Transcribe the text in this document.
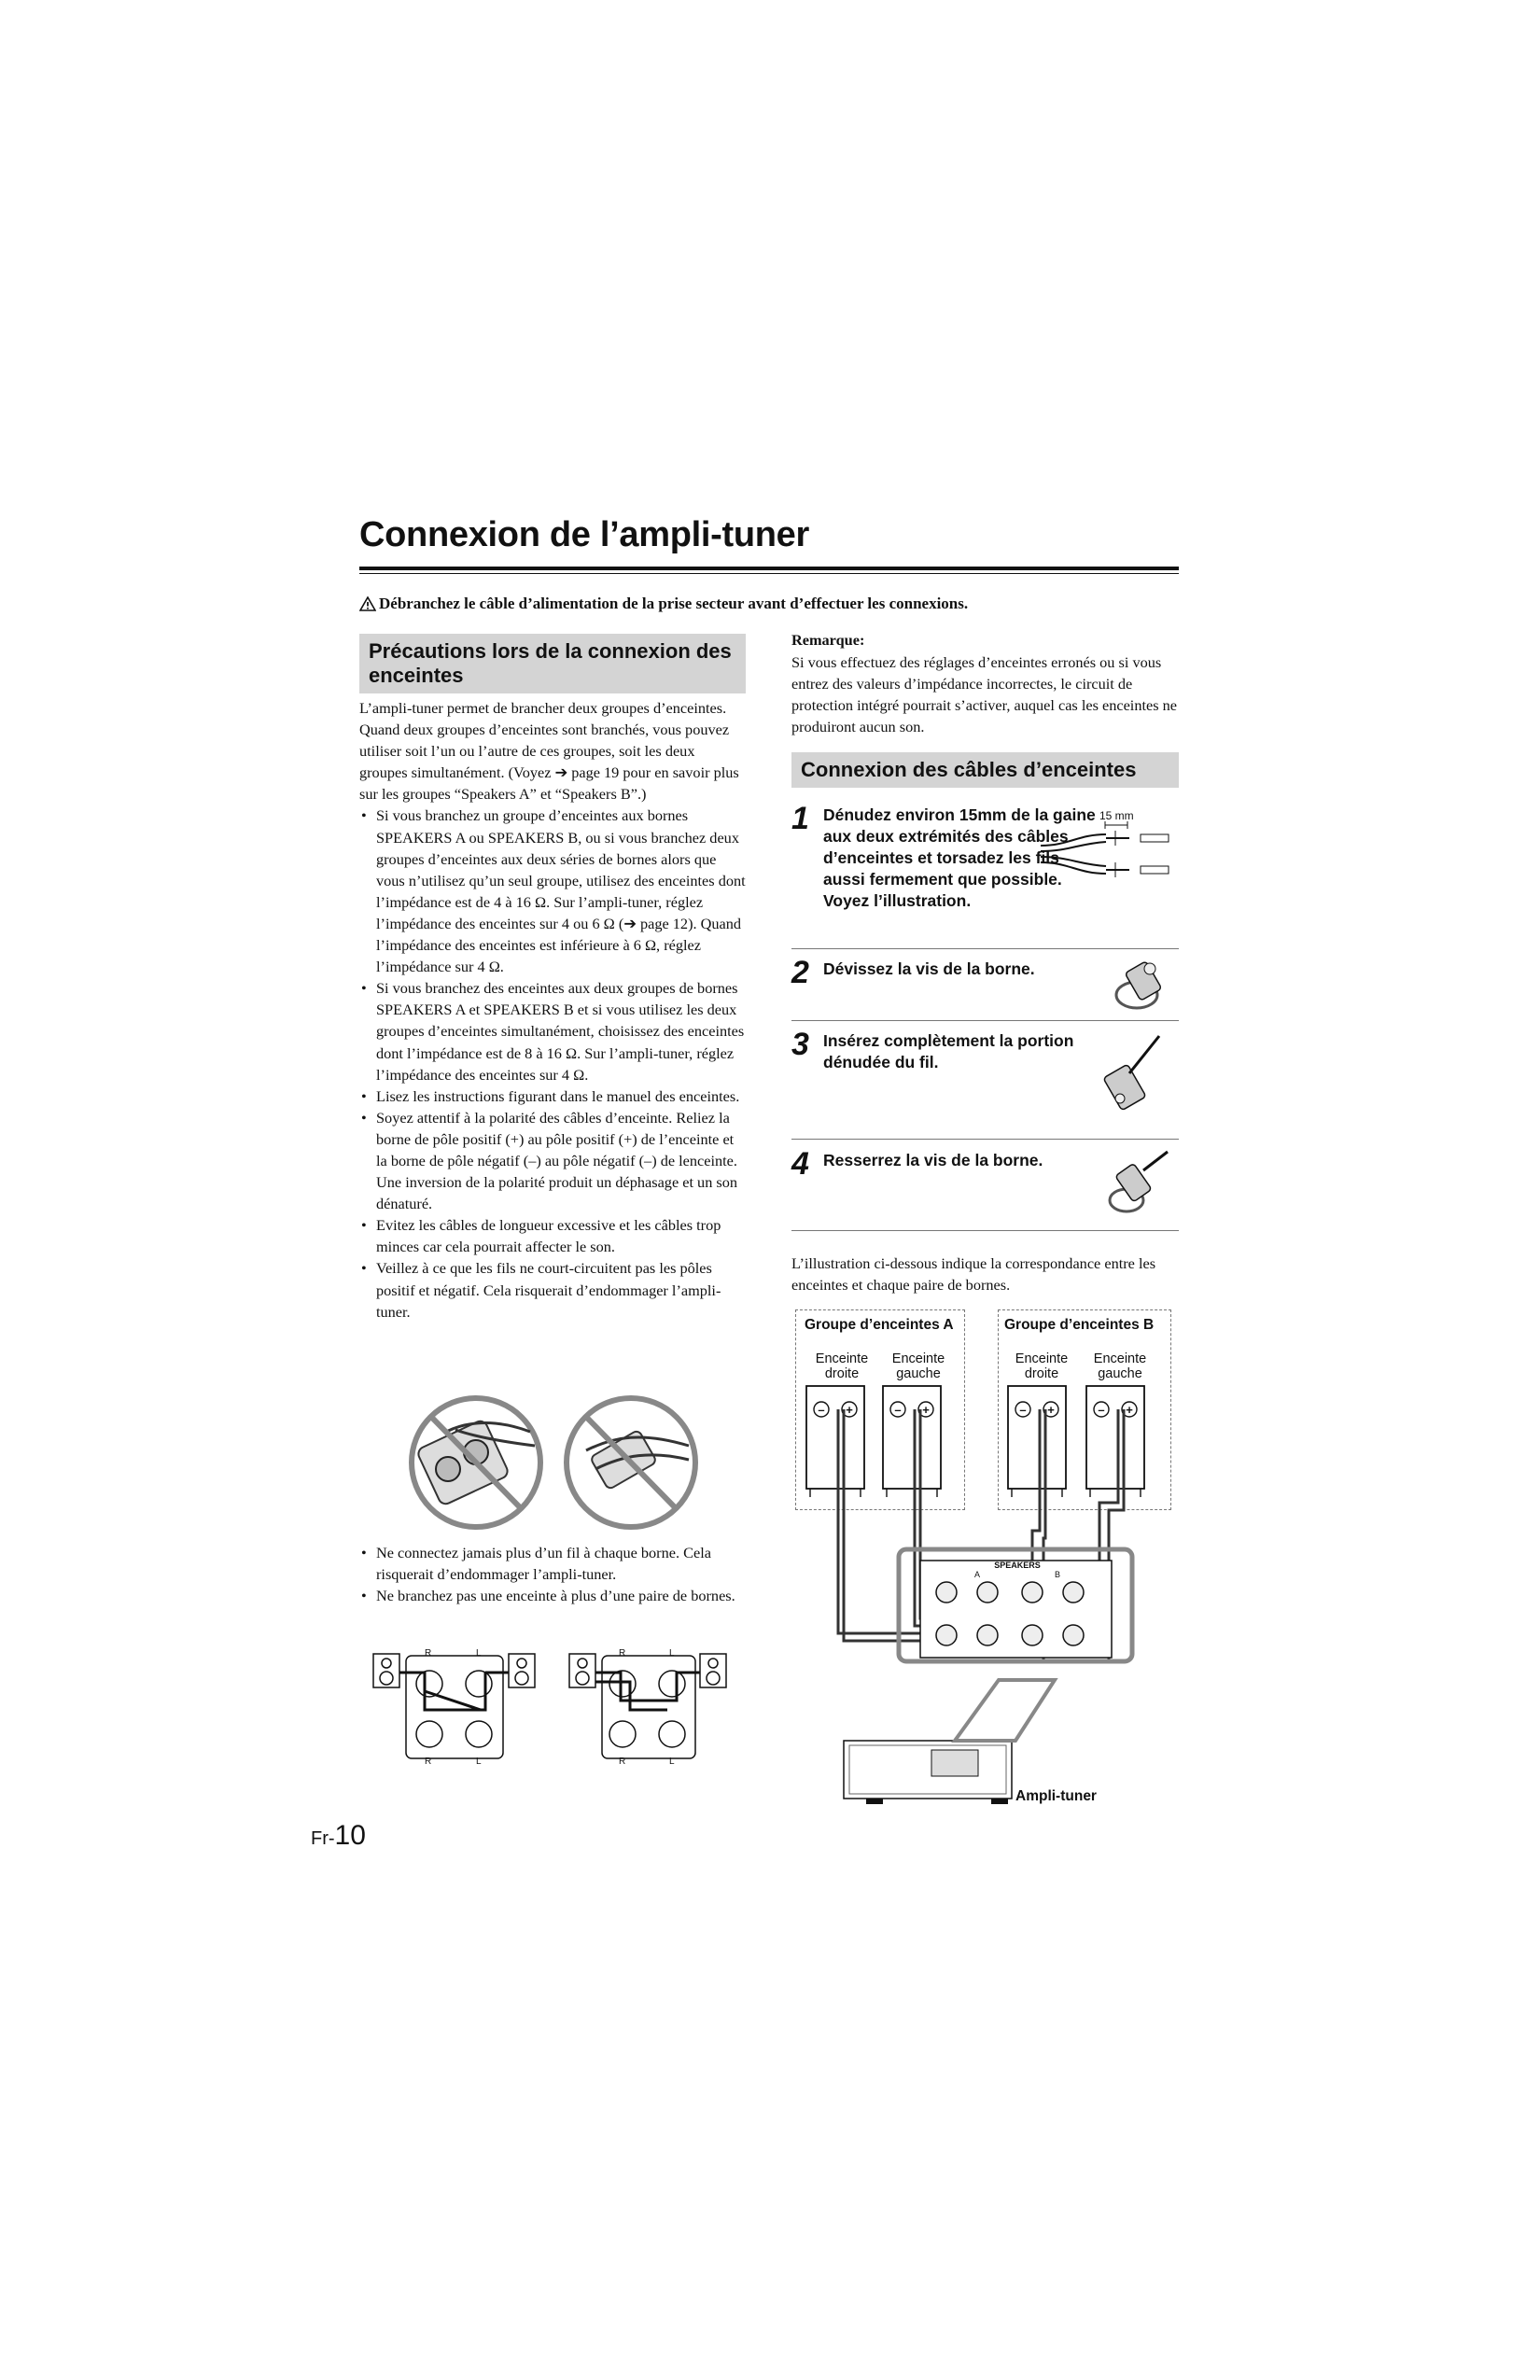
Connexion de l’ampli-tuner
Débranchez le câble d’alimentation de la prise secteur avant d’effectuer les connexions.
Précautions lors de la connexion des enceintes

L’ampli-tuner permet de brancher deux groupes d’enceintes. Quand deux groupes d’enceintes sont branchés, vous pouvez utiliser soit l’un ou l’autre de ces groupes, soit les deux groupes simultanément. (Voyez ➔ page 19 pour en savoir plus sur les groupes “Speakers A” et “Speakers B”.)

• Si vous branchez un groupe d’enceintes aux bornes SPEAKERS A ou SPEAKERS B, ou si vous branchez deux groupes d’enceintes aux deux séries de bornes alors que vous n’utilisez qu’un seul groupe, utilisez des enceintes dont l’impédance est de 4 à 16 Ω. Sur l’ampli-tuner, réglez l’impédance des enceintes sur 4 ou 6 Ω (➔ page 12). Quand l’impédance des enceintes est inférieure à 6 Ω, réglez l’impédance sur 4 Ω.
• Si vous branchez des enceintes aux deux groupes de bornes SPEAKERS A et SPEAKERS B et si vous utilisez les deux groupes d’enceintes simultanément, choisissez des enceintes dont l’impédance est de 8 à 16 Ω. Sur l’ampli-tuner, réglez l’impédance des enceintes sur 4 Ω.
• Lisez les instructions figurant dans le manuel des enceintes.
• Soyez attentif à la polarité des câbles d’enceinte. Reliez la borne de pôle positif (+) au pôle positif (+) de l’enceinte et la borne de pôle négatif (–) au pôle négatif (–) de lenceinte. Une inversion de la polarité produit un déphasage et un son dénaturé.
• Evitez les câbles de longueur excessive et les câbles trop minces car cela pourrait affecter le son.
• Veillez à ce que les fils ne court-circuitent pas les pôles positif et négatif. Cela risquerait d’endommager l’ampli-tuner.
• Ne connectez jamais plus d’un fil à chaque borne. Cela risquerait d’endommager l’ampli-tuner.
• Ne branchez pas une enceinte à plus d’une paire de bornes.
R	L
R	L
R	L
R	L
Remarque:
Si vous effectuez des réglages d’enceintes erronés ou si vous entrez des valeurs d’impédance incorrectes, le circuit de protection intégré pourrait s’activer, auquel cas les enceintes ne produiront aucun son.
Connexion des câbles d’enceintes
1 Dénudez environ 15mm de la gaine aux deux extrémités des câbles d’enceintes et torsadez les fils aussi fermement que possible. Voyez l’illustration.
15 mm
2 Dévissez la vis de la borne.
3 Insérez complètement la portion dénudée du fil.
4 Resserrez la vis de la borne.
L’illustration ci-dessous indique la correspondance entre les enceintes et chaque paire de bornes.
Groupe d’enceintes A	Groupe d’enceintes B
Enceinte
droite
Enceinte
gauche
Enceinte
droite
Enceinte
gauche
– +	– +	– +	– +
SPEAKERS
A	B
Ampli-tuner
Fr-10
